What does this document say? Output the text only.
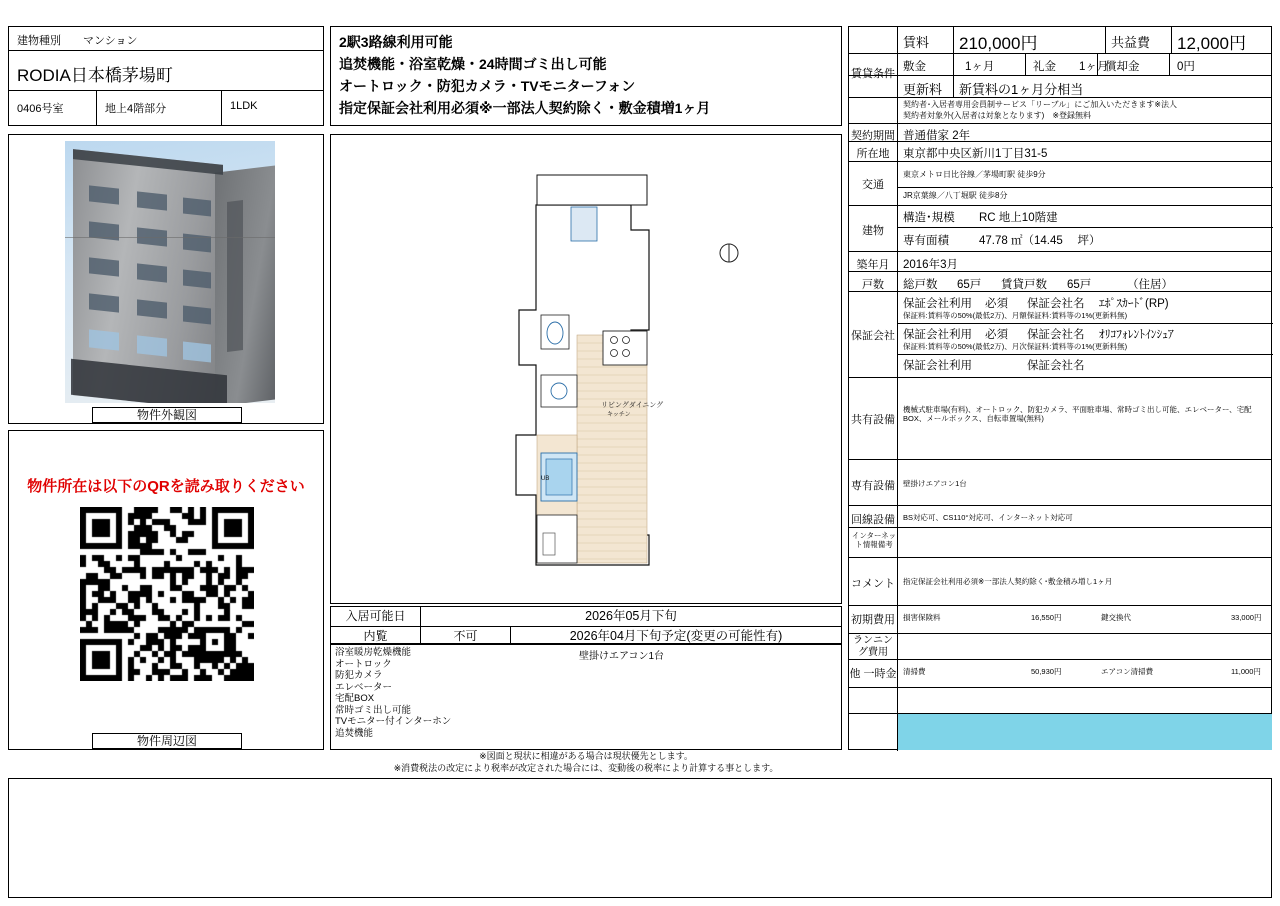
建物種別	マンション
RODIA日本橋茅場町
0406号室	地上4階部分	1LDK
物件外観図
物件所在は以下のQRを読み取りください
物件周辺図
2駅3路線利用可能
追焚機能・浴室乾燥・24時間ゴミ出し可能
オートロック・防犯カメラ・TVモニターフォン
指定保証会社利用必須※一部法人契約除く・敷金積増1ヶ月
リビングダイニング
キッチン
UB
入居可能日	2026年05月下旬
内覧	不可	2026年04月下旬予定(変更の可能性有)
浴室暖房乾燥機能
オートロック
防犯カメラ
エレベーター
宅配BOX
常時ゴミ出し可能
TVモニター付インターホン
追焚機能
壁掛けエアコン1台
※図面と現状に相違がある場合は現状優先とします。
※消費税法の改定により税率が改定された場合には、変動後の税率により計算する事とします。
賃貸条件
賃料 210,000円	共益費 12,000円
敷金	1ヶ月	礼金 1ヶ月
償却金	0円
更新料 新賃料の1ヶ月分相当
契約者･入居者専用会員制サービス「リーブル」にご加入いただきます※法人
契約者対象外(入居者は対象となります)　※登録無料
契約期間 普通借家 2年
所在地	東京都中央区新川1丁目31-5
交通
東京メトロ日比谷線／茅場町駅 徒歩9分
JR京葉線／八丁堀駅 徒歩8分
建物
構造･規模 RC 地上10階建
専有面積	47.78 ㎡（14.45 　坪）
築年月	2016年3月
戸数	総戸数 65戸 賃貸戸数 65戸	（住居）
保証会社
保証会社利用 必須 保証会社名 ｴﾎﾟｽｶｰﾄﾞ(RP)
保証料:賃料等の50%(最低2万)、月額保証料:賃料等の1%(更新料無)
保証会社利用 必須 保証会社名 ｵﾘｺﾌｫﾚﾝﾄｲﾝｼｭｱ
保証料:賃料等の50%(最低2万)、月次保証料:賃料等の1%(更新料無)
保証会社利用	保証会社名
共有設備
機械式駐車場(有料)、オートロック、防犯カメラ、平面駐車場、常時ゴミ出し可能、エレベーター、宅配BOX、メールボックス、自転車置場(無料)
専有設備 壁掛けエアコン1台
回線設備 BS対応可、CS110°対応可、インターネット対応可
インターネット情報備考
コメント 指定保証会社利用必須※一部法人契約除く･敷金積み増し1ヶ月
初期費用 損害保険料	16,550円	鍵交換代	33,000円
ランニング費用
他 一時金 清掃費	50,930円	エアコン清掃費	11,000円
